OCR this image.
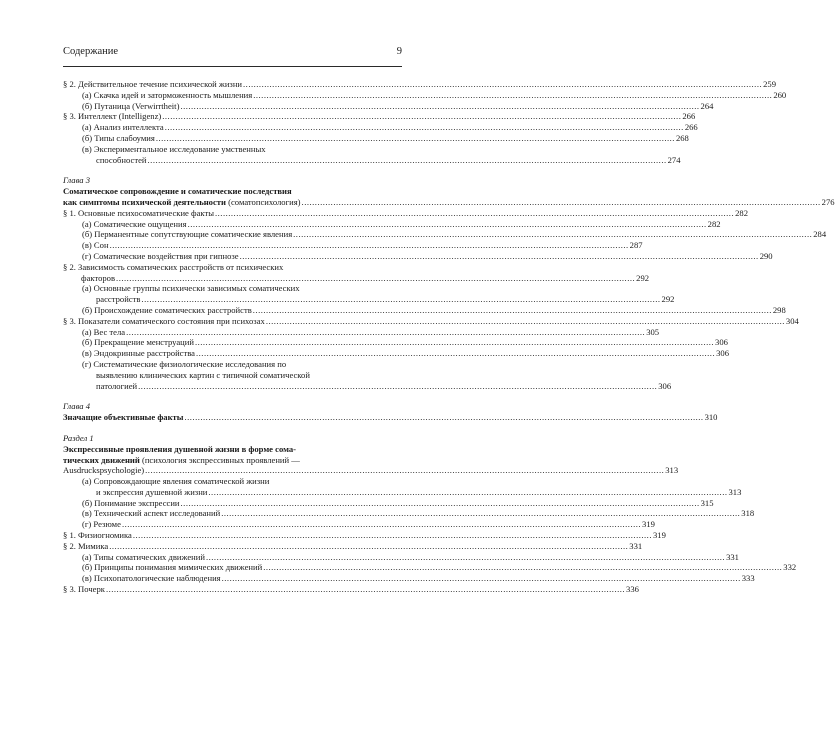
Содержание	9
§ 2. Действительное течение психической жизни .....	259
(а) Скачка идей и заторможенность мышления .....	260
(б) Путаница (Verwirrtheit) .....	264
§ 3. Интеллект (Intelligenz) .....	266
(а) Анализ интеллекта .....	266
(б) Типы слабоумия .....	268
(в) Экспериментальное исследование умственных
способностей .....	274
Глава 3
Соматическое сопровождение и соматические последствия
как симптомы психической деятельности (соматопсихология) .....	276
§ 1. Основные психосоматические факты .....	282
(а) Соматические ощущения .....	282
(б) Перманентные сопутствующие соматические явления .....	284
(в) Сон .....	287
(г) Соматические воздействия при гипнозе .....	290
§ 2. Зависимость соматических расстройств от психических
факторов .....	292
(а) Основные группы психически зависимых соматических
расстройств .....	292
(б) Происхождение соматических расстройств .....	298
§ 3. Показатели соматического состояния при психозах .....	304
(а) Вес тела .....	305
(б) Прекращение менструаций .....	306
(в) Эндокринные расстройства .....	306
(г) Систематические физиологические исследования по
выявлению клинических картин с типичной соматической
патологией .....	306
Глава 4
Значащие объективные факты .....	310
Раздел 1
Экспрессивные проявления душевной жизни в форме сома-
тических движений (психология экспрессивных проявлений —
Ausdruckspsychologie) .....	313
(а) Сопровождающие явления соматической жизни
и экспрессия душевной жизни .....	313
(б) Понимание экспрессии .....	315
(в) Технический аспект исследований .....	318
(г) Резюме .....	319
§ 1. Физиогномика .....	319
§ 2. Мимика .....	331
(а) Типы соматических движений .....	331
(б) Принципы понимания мимических движений .....	332
(в) Психопатологические наблюдения .....	333
§ 3. Почерк .....	336
